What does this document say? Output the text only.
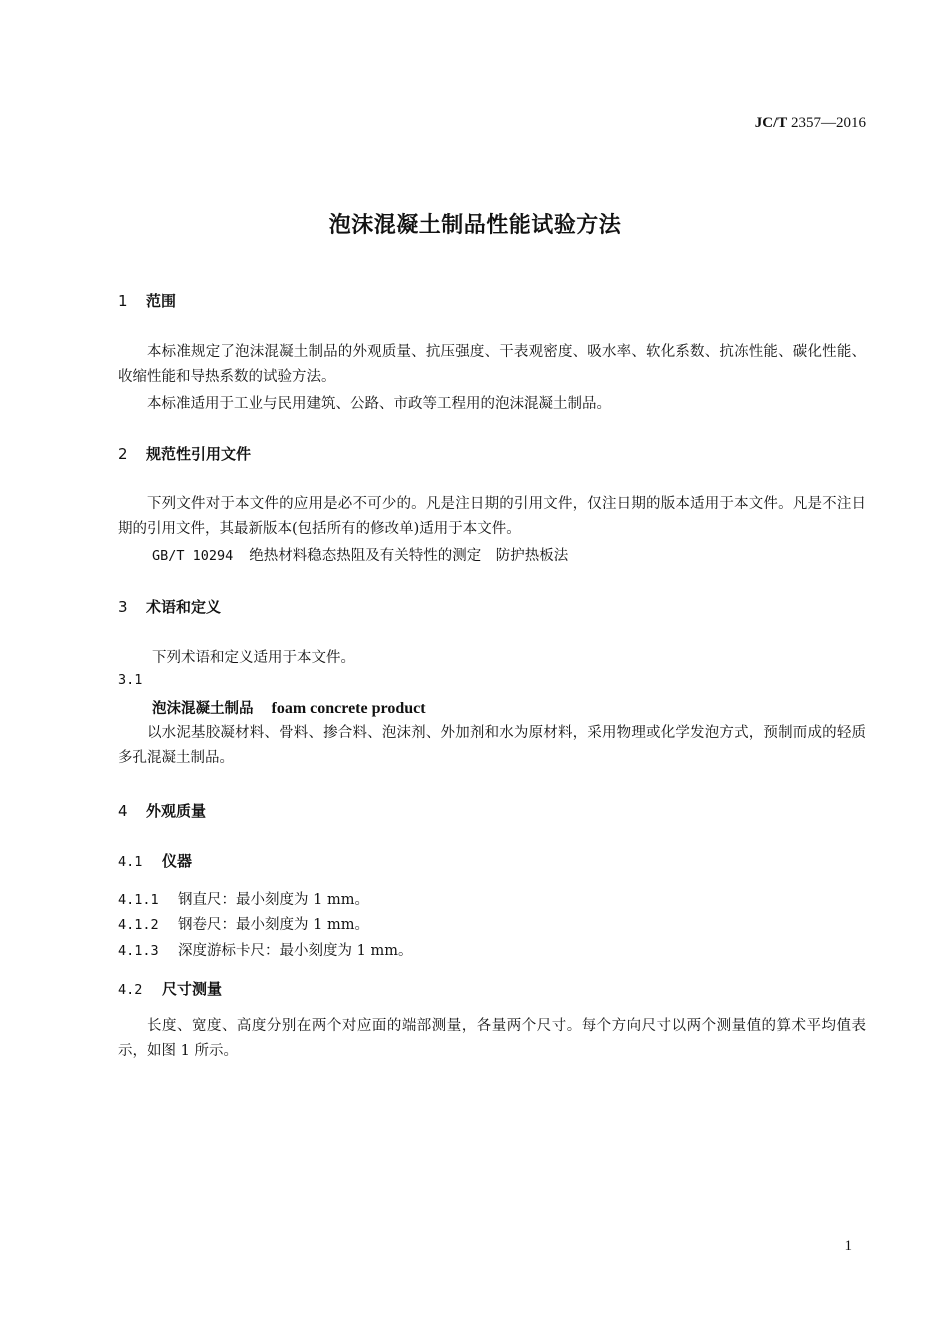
JC/T 2357—2016
泡沫混凝土制品性能试验方法
1 范围
本标准规定了泡沫混凝土制品的外观质量、抗压强度、干表观密度、吸水率、软化系数、抗冻性能、碳化性能、收缩性能和导热系数的试验方法。
本标准适用于工业与民用建筑、公路、市政等工程用的泡沫混凝土制品。
2 规范性引用文件
下列文件对于本文件的应用是必不可少的。凡是注日期的引用文件，仅注日期的版本适用于本文件。凡是不注日期的引用文件，其最新版本(包括所有的修改单)适用于本文件。
GB/T 10294 绝热材料稳态热阻及有关特性的测定　防护热板法
3 术语和定义
下列术语和定义适用于本文件。
3.1
泡沫混凝土制品 foam concrete product
以水泥基胶凝材料、骨料、掺合料、泡沫剂、外加剂和水为原材料，采用物理或化学发泡方式，预制而成的轻质多孔混凝土制品。
4 外观质量
4.1 仪器
4.1.1 钢直尺：最小刻度为 1 mm。
4.1.2 钢卷尺：最小刻度为 1 mm。
4.1.3 深度游标卡尺：最小刻度为 1 mm。
4.2 尺寸测量
长度、宽度、高度分别在两个对应面的端部测量，各量两个尺寸。每个方向尺寸以两个测量值的算术平均值表示，如图 1 所示。
1
